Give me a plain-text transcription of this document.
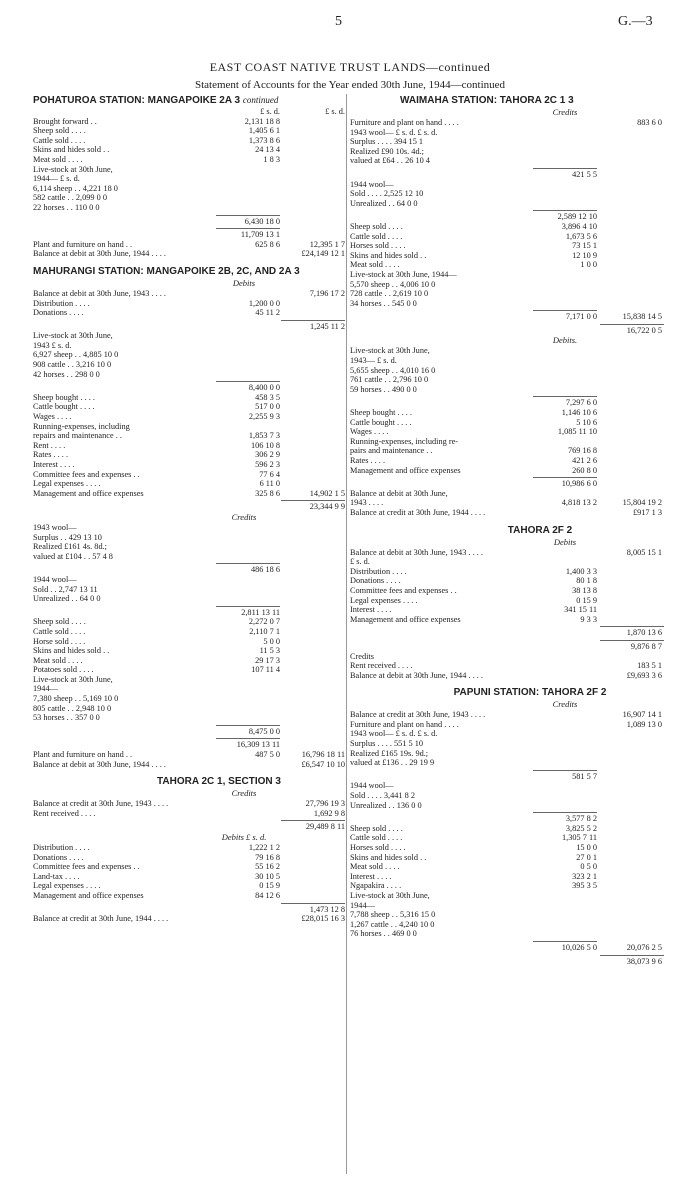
5	G.—3
EAST COAST NATIVE TRUST LANDS—continued
Statement of Accounts for the Year ended 30th June, 1944—continued
POHATUROA STATION: MANGAPOIKE 2A 3 continued
£ s. d.	£ s. d.
Brought forward . .	2,131 18 8
Sheep sold . . . .	1,405 6 1
Cattle sold . . . .	1,373 8 6
Skins and hides sold . .	24 13 4
Meat sold . . . .	1 8 3
Live-stock at 30th June,
1944— £ s. d.
6,114 sheep . . 4,221 18 0
582 cattle . . 2,099 0 0
22 horses . . 110 0 0
6,430 18 0
11,709 13 1
Plant and furniture on hand . .	625 8 6	12,395 1 7
Balance at debit at 30th June, 1944 . . . .	£24,149 12 1
MAHURANGI STATION: MANGAPOIKE 2B, 2C, AND 2A 3
Debits
Balance at debit at 30th June, 1943 . . . .	7,196 17 2
Distribution . . . .	1,200 0 0
Donations . . . .	45 11 2
1,245 11 2
Live-stock at 30th June,
1943 £ s. d.
6,927 sheep . . 4,885 10 0
908 cattle . . 3,216 10 0
42 horses . . 298 0 0
8,400 0 0
Sheep bought . . . .	458 3 5
Cattle bought . . . .	517 0 0
Wages . . . .	2,255 9 3
Running-expenses, including
repairs and maintenance . .	1,853 7 3
Rent . . . .	106 10 8
Rates . . . .	306 2 9
Interest . . . .	596 2 3
Committee fees and expenses . .	77 6 4
Legal expenses . . . .	6 11 0
Management and office expenses	325 8 6	14,902 1 5
23,344 9 9
Credits
1943 wool—
Surplus . . 429 13 10
Realized £161 4s. 8d.;
valued at £104 . . 57 4 8
486 18 6
1944 wool—
Sold . . 2,747 13 11
Unrealized . . 64 0 0
2,811 13 11
Sheep sold . . . .	2,272 0 7
Cattle sold . . . .	2,110 7 1
Horse sold . . . .	5 0 0
Skins and hides sold . .	11 5 3
Meat sold . . . .	29 17 3
Potatoes sold . . . .	107 11 4
Live-stock at 30th June,
1944—
7,380 sheep . . 5,169 10 0
805 cattle . . 2,948 10 0
53 horses . . 357 0 0
8,475 0 0
16,309 13 11
Plant and furniture on hand . .	487 5 0	16,796 18 11
Balance at debit at 30th June, 1944 . . . .	£6,547 10 10
TAHORA 2C 1, SECTION 3
Credits
Balance at credit at 30th June, 1943 . . . .	27,796 19 3
Rent received . . . .	1,692 9 8
29,489 8 11
Debits £ s. d.
Distribution . . . .	1,222 1 2
Donations . . . .	79 16 8
Committee fees and expenses . .	55 16 2
Land-tax . . . .	30 10 5
Legal expenses . . . .	0 15 9
Management and office expenses	84 12 6
1,473 12 8
Balance at credit at 30th June, 1944 . . . .	£28,015 16 3
WAIMAHA STATION: TAHORA 2C 1 3
Credits
Furniture and plant on hand . . . .	883 6 0
1943 wool— £ s. d. £ s. d.
Surplus . . . . 394 15 1
Realized £90 10s. 4d.;
valued at £64 . . 26 10 4
421 5 5
1944 wool—
Sold . . . . 2,525 12 10
Unrealized . . 64 0 0
2,589 12 10
Sheep sold . . . .	3,896 4 10
Cattle sold . . . .	1,673 5 6
Horses sold . . . .	73 15 1
Skins and hides sold . .	12 10 9
Meat sold . . . .	1 0 0
Live-stock at 30th June, 1944—
5,570 sheep . . 4,006 10 0
728 cattle . . 2,619 10 0
34 horses . . 545 0 0
7,171 0 0	15,838 14 5
16,722 0 5
Debits.
Live-stock at 30th June,
1943— £ s. d.
5,655 sheep . . 4,010 16 0
761 cattle . . 2,796 10 0
59 horses . . 490 0 0
7,297 6 0
Sheep bought . . . .	1,146 10 6
Cattle bought . . . .	5 10 6
Wages . . . .	1,085 11 10
Running-expenses, including re-
pairs and maintenance . .	769 16 8
Rates . . . .	421 2 6
Management and office expenses	260 8 0
10,986 6 0
Balance at debit at 30th June,
1943 . . . .	4,818 13 2	15,804 19 2
Balance at credit at 30th June, 1944 . . . .	£917 1 3
TAHORA 2F 2
Debits
Balance at debit at 30th June, 1943 . . . .	8,005 15 1
£ s. d.
Distribution . . . .	1,400 3 3
Donations . . . .	80 1 8
Committee fees and expenses . .	38 13 8
Legal expenses . . . .	0 15 9
Interest . . . .	341 15 11
Management and office expenses	9 3 3
1,870 13 6
9,876 8 7
Credits
Rent received . . . .	183 5 1
Balance at debit at 30th June, 1944 . . . .	£9,693 3 6
PAPUNI STATION: TAHORA 2F 2
Credits
Balance at credit at 30th June, 1943 . . . .	16,907 14 1
Furniture and plant on hand . . . .	1,089 13 0
1943 wool— £ s. d. £ s. d.
Surplus . . . . 551 5 10
Realized £165 19s. 9d.;
valued at £136 . . 29 19 9
581 5 7
1944 wool—
Sold . . . . 3,441 8 2
Unrealized . . 136 0 0
3,577 8 2
Sheep sold . . . .	3,825 5 2
Cattle sold . . . .	1,305 7 11
Horses sold . . . .	15 0 0
Skins and hides sold . .	27 0 1
Meat sold . . . .	0 5 0
Interest . . . .	323 2 1
Ngapakira . . . .	395 3 5
Live-stock at 30th June,
1944—
7,788 sheep . . 5,316 15 0
1,267 cattle . . 4,240 10 0
76 horses . . 469 0 0
10,026 5 0	20,076 2 5
38,073 9 6
